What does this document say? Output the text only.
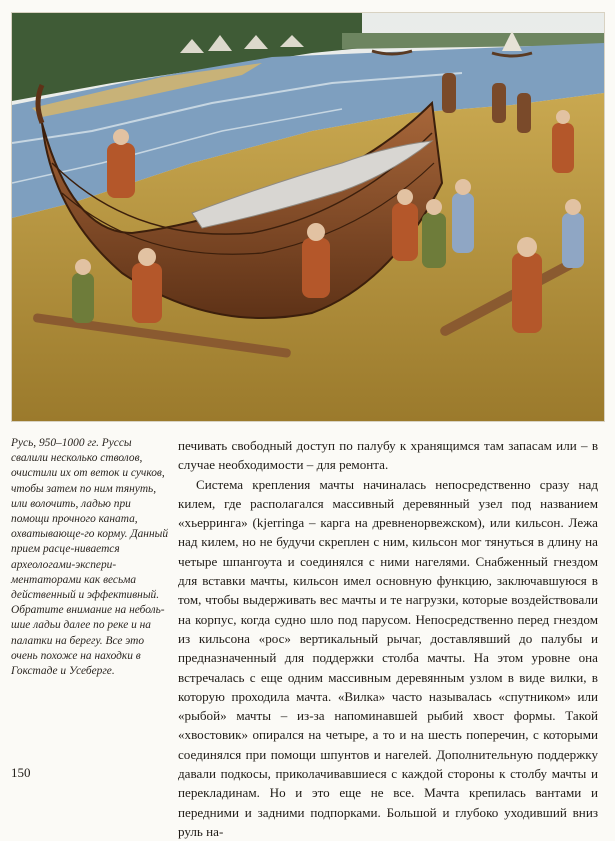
Русь, 950–1000 гг. Руссы свалили несколько стволов, очистили их от веток и сучков, чтобы затем по ним тянуть, или волочить, ладью при помощи прочного каната, охватывающе-го корму. Данный прием расце-нивается археологами-экспери-ментаторами как весьма действенный и эффективный. Обратите внимание на неболь-шие ладьи далее по реке и на палатки на берегу. Все это очень похоже на находки в Гокстаде и Усеберге.

печивать свободный доступ по палубу к хранящимся там запасам или – в случае необходимости – для ремонта.

Система крепления мачты начиналась непосредственно сразу над килем, где располагался массивный деревянный узел под названием «хьерринга» (kjerringa – карга на древненорвежском), или кильсон. Лежа над килем, но не будучи скреплен с ним, кильсон мог тянуться в длину на четыре шпангоута и соединялся с ними нагелями. Снабженный гнездом для вставки мачты, кильсон имел основную функцию, заключавшуюся в том, чтобы выдерживать вес мачты и те нагрузки, которые воздействовали на корпус, когда судно шло под парусом. Непосредственно перед гнездом из кильсона «рос» вертикальный рычаг, доставлявший до палубы и предназначенный для поддержки столба мачты. На этом уровне она встречалась с еще одним массивным деревянным узлом в виде вилки, в которую проходила мачта. «Вилка» часто называлась «спутником» или «рыбой» мачты – из-за напоминавшей рыбий хвост формы. Такой «хвостовик» опирался на четыре, а то и на шесть поперечин, с которыми соединялся при помощи шпунтов и нагелей. Дополнительную поддержку давали подкосы, приколачивавшиеся с каждой стороны к столбу мачты и перекладинам. Но и это еще не все. Мачта крепилась вантами и передними и задними подпорками. Большой и глубоко уходивший вниз руль на-

150
